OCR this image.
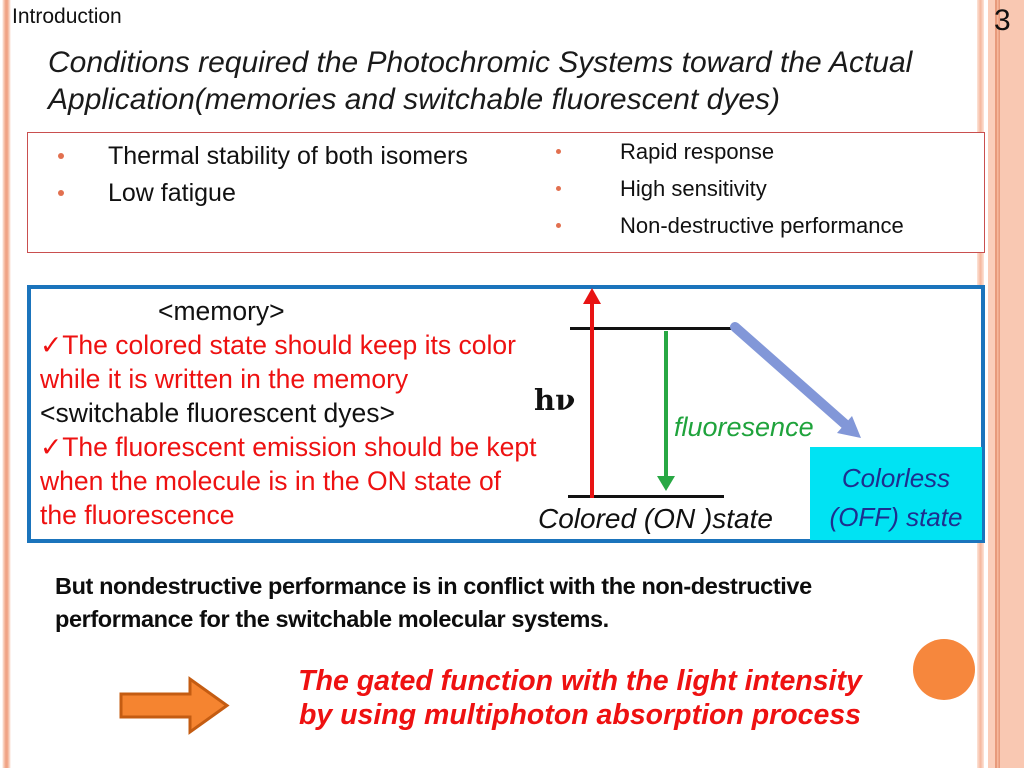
3
Introduction
Conditions required the Photochromic Systems toward the Actual Application(memories and switchable fluorescent dyes)
Thermal stability of both isomers
Low fatigue
Rapid response
High sensitivity
Non-destructive performance

<memory>

✓The colored state should keep its color while it is written in the memory

<switchable fluorescent dyes>

✓The fluorescent emission should be kept when the molecule is in the ON state of the fluorescence

hν
fluoresence
Colored (ON )state
Colorless
(OFF) state
But nondestructive performance is in conflict with the non-destructive performance for the switchable molecular systems.
The gated function with the light intensity
by using multiphoton absorption process
